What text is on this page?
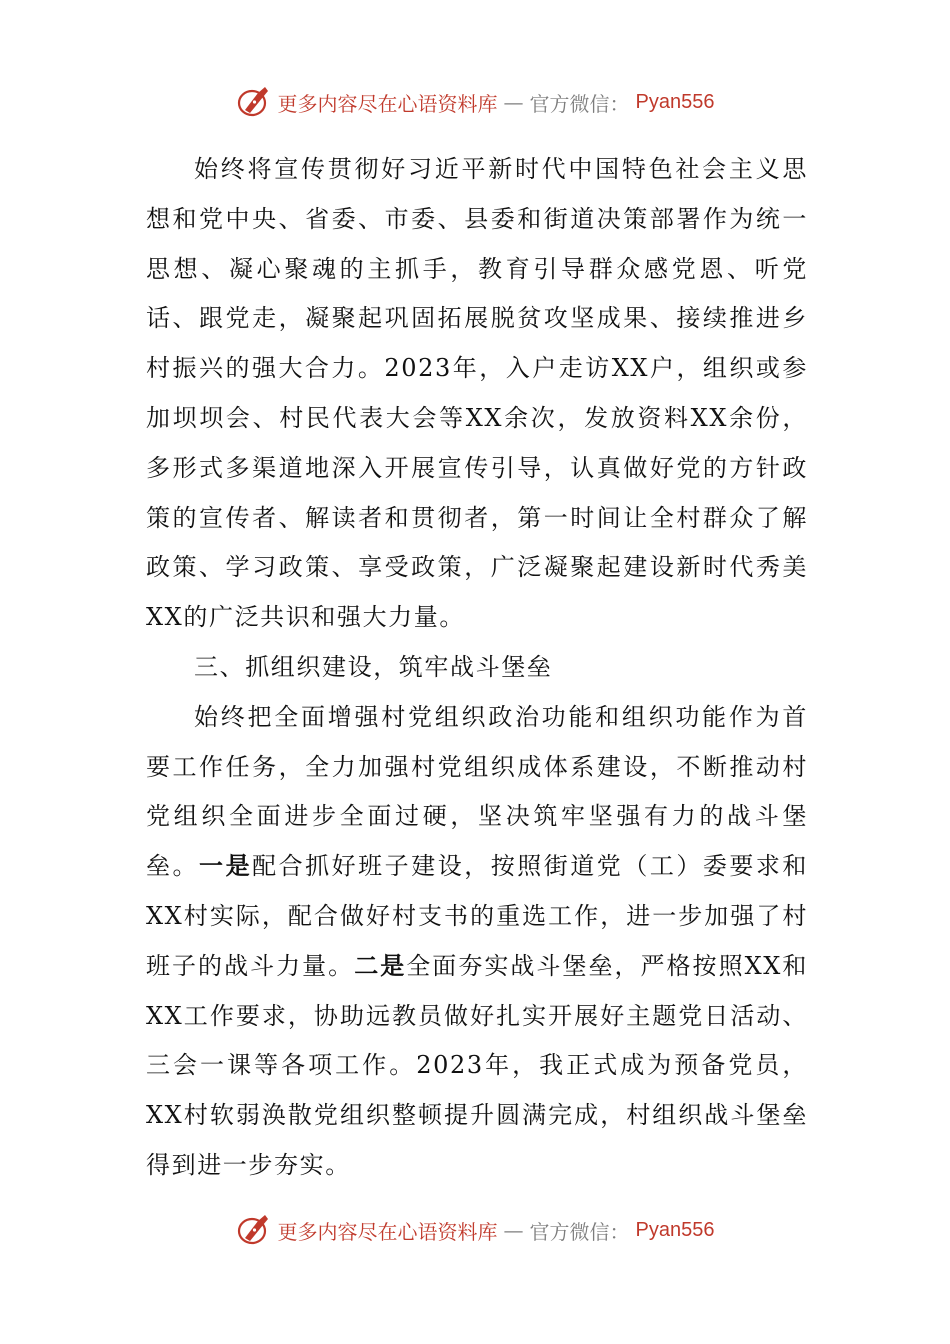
更多内容尽在心语资料库 — 官方微信： Pyan556

始终将宣传贯彻好习近平新时代中国特色社会主义思想和党中央、省委、市委、县委和街道决策部署作为统一思想、凝心聚魂的主抓手，教育引导群众感党恩、听党话、跟党走，凝聚起巩固拓展脱贫攻坚成果、接续推进乡村振兴的强大合力。2023年，入户走访XX户，组织或参加坝坝会、村民代表大会等XX余次，发放资料XX余份，多形式多渠道地深入开展宣传引导，认真做好党的方针政策的宣传者、解读者和贯彻者，第一时间让全村群众了解政策、学习政策、享受政策，广泛凝聚起建设新时代秀美XX的广泛共识和强大力量。

三、抓组织建设，筑牢战斗堡垒

始终把全面增强村党组织政治功能和组织功能作为首要工作任务，全力加强村党组织成体系建设，不断推动村党组织全面进步全面过硬，坚决筑牢坚强有力的战斗堡垒。一是配合抓好班子建设，按照街道党（工）委要求和XX村实际，配合做好村支书的重选工作，进一步加强了村班子的战斗力量。二是全面夯实战斗堡垒，严格按照XX和XX工作要求，协助远教员做好扎实开展好主题党日活动、三会一课等各项工作。2023年，我正式成为预备党员，XX村软弱涣散党组织整顿提升圆满完成，村组织战斗堡垒得到进一步夯实。

更多内容尽在心语资料库 — 官方微信： Pyan556
